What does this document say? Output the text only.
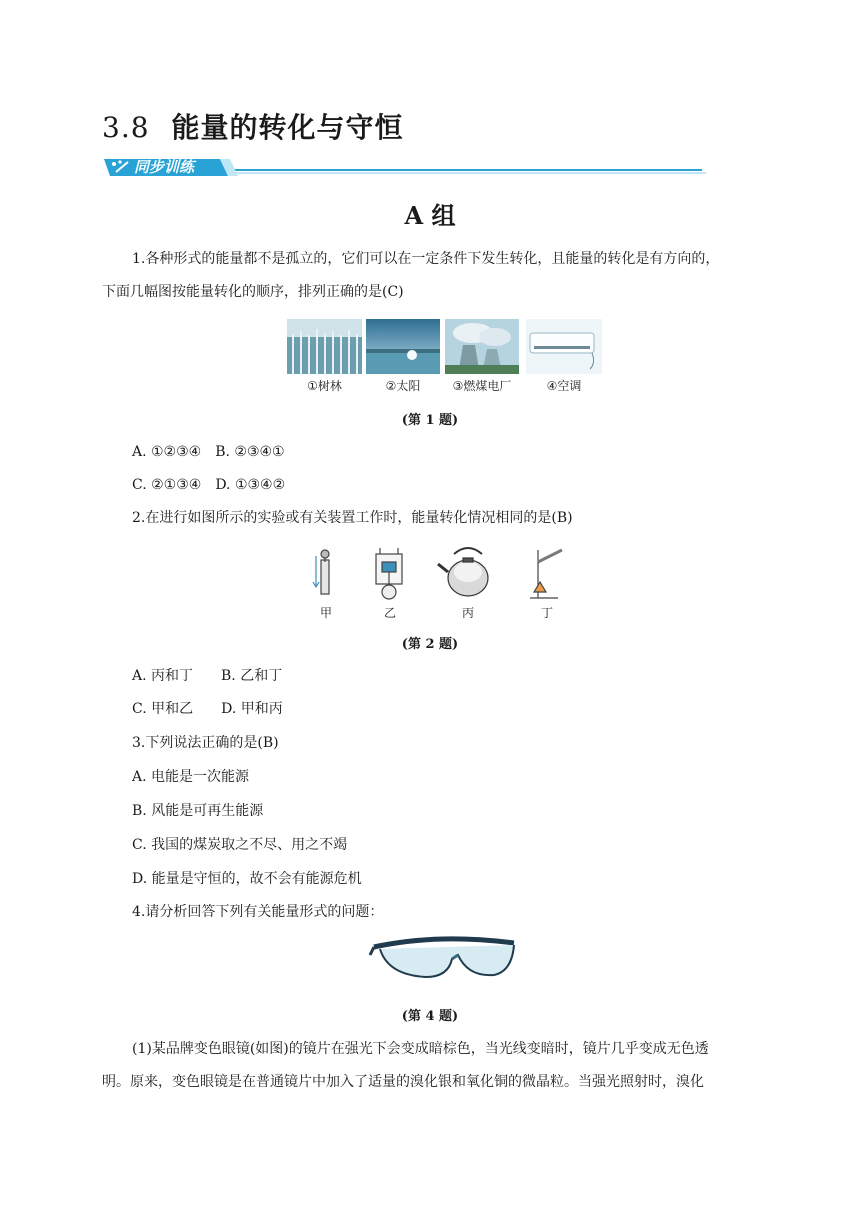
3.8 能量的转化与守恒
同步训练
A 组
1.各种形式的能量都不是孤立的，它们可以在一定条件下发生转化，且能量的转化是有方向的，
下面几幅图按能量转化的顺序，排列正确的是(C)
①树林	②太阳	③燃煤电厂	④空调
(第 1 题)
A. ①②③④　B. ②③④①
C. ②①③④　D. ①③④②
2.在进行如图所示的实验或有关装置工作时，能量转化情况相同的是(B)
甲	乙	丙	丁
(第 2 题)
A. 丙和丁　　B. 乙和丁
C. 甲和乙　　D. 甲和丙
3.下列说法正确的是(B)
A. 电能是一次能源
B. 风能是可再生能源
C. 我国的煤炭取之不尽、用之不竭
D. 能量是守恒的，故不会有能源危机
4.请分析回答下列有关能量形式的问题：
(第 4 题)
(1)某品牌变色眼镜(如图)的镜片在强光下会变成暗棕色，当光线变暗时，镜片几乎变成无色透
明。原来，变色眼镜是在普通镜片中加入了适量的溴化银和氧化铜的微晶粒。当强光照射时，溴化
